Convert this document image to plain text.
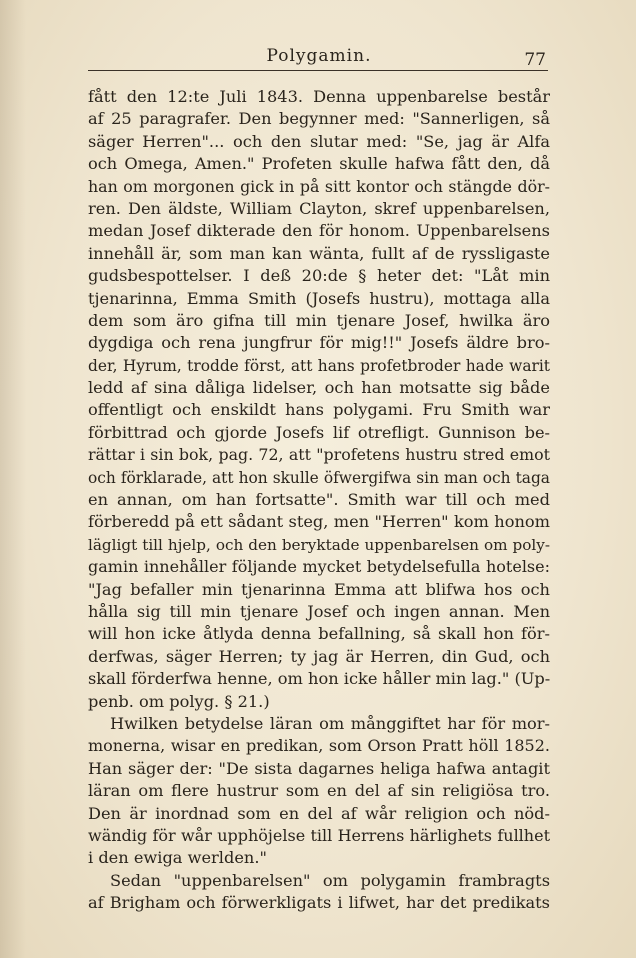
Polygamin.	77
fått den 12:te Juli 1843. Denna uppenbarelse består
af 25 paragrafer. Den begynner med: "Sannerligen, så
säger Herren"... och den slutar med: "Se, jag är Alfa
och Omega, Amen." Profeten skulle hafwa fått den, då
han om morgonen gick in på sitt kontor och stängde dör-
ren. Den äldste, William Clayton, skref uppenbarelsen,
medan Josef dikterade den för honom. Uppenbarelsens
innehåll är, som man kan wänta, fullt af de ryssligaste
gudsbespottelser. I deß 20:de § heter det: "Låt min
tjenarinna, Emma Smith (Josefs hustru), mottaga alla
dem som äro gifna till min tjenare Josef, hwilka äro
dygdiga och rena jungfrur för mig!!" Josefs äldre bro-
der, Hyrum, trodde först, att hans profetbroder hade warit
ledd af sina dåliga lidelser, och han motsatte sig både
offentligt och enskildt hans polygami. Fru Smith war
förbittrad och gjorde Josefs lif otrefligt. Gunnison be-
rättar i sin bok, pag. 72, att "profetens hustru stred emot
och förklarade, att hon skulle öfwergifwa sin man och taga
en annan, om han fortsatte". Smith war till och med
förberedd på ett sådant steg, men "Herren" kom honom
lägligt till hjelp, och den beryktade uppenbarelsen om poly-
gamin innehåller följande mycket betydelsefulla hotelse:
"Jag befaller min tjenarinna Emma att blifwa hos och
hålla sig till min tjenare Josef och ingen annan. Men
will hon icke åtlyda denna befallning, så skall hon för-
derfwas, säger Herren; ty jag är Herren, din Gud, och
skall förderfwa henne, om hon icke håller min lag." (Up-
penb. om polyg. § 21.)
Hwilken betydelse läran om månggiftet har för mor-
monerna, wisar en predikan, som Orson Pratt höll 1852.
Han säger der: "De sista dagarnes heliga hafwa antagit
läran om flere hustrur som en del af sin religiösa tro.
Den är inordnad som en del af wår religion och nöd-
wändig för wår upphöjelse till Herrens härlighets fullhet
i den ewiga werlden."
Sedan "uppenbarelsen" om polygamin frambragts
af Brigham och förwerkligats i lifwet, har det predikats
